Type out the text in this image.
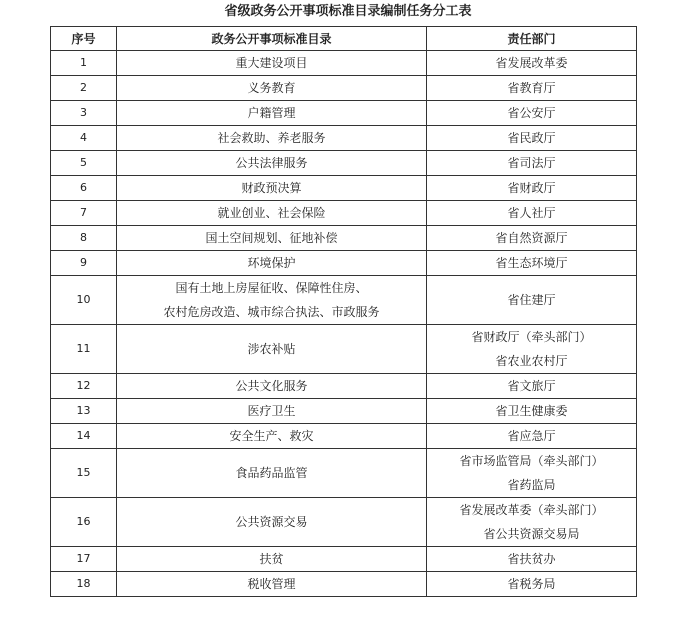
省级政务公开事项标准目录编制任务分工表
序号	政务公开事项标准目录	责任部门
1	重大建设项目	省发展改革委

2	义务教育	省教育厅

3	户籍管理	省公安厅

4	社会救助、养老服务	省民政厅

5	公共法律服务	省司法厅

6	财政预决算	省财政厅

7	就业创业、社会保险	省人社厅

8	国土空间规划、征地补偿	省自然资源厅

9	环境保护	省生态环境厅

10	国有土地上房屋征收、保障性住房、
农村危房改造、城市综合执法、市政服务	省住建厅

11	涉农补贴	省财政厅（牵头部门）
省农业农村厅

12	公共文化服务	省文旅厅

13	医疗卫生	省卫生健康委

14	安全生产、救灾	省应急厅

15	食品药品监管	省市场监管局（牵头部门）
省药监局

16	公共资源交易	省发展改革委（牵头部门）
省公共资源交易局

17	扶贫	省扶贫办

18	税收管理	省税务局
